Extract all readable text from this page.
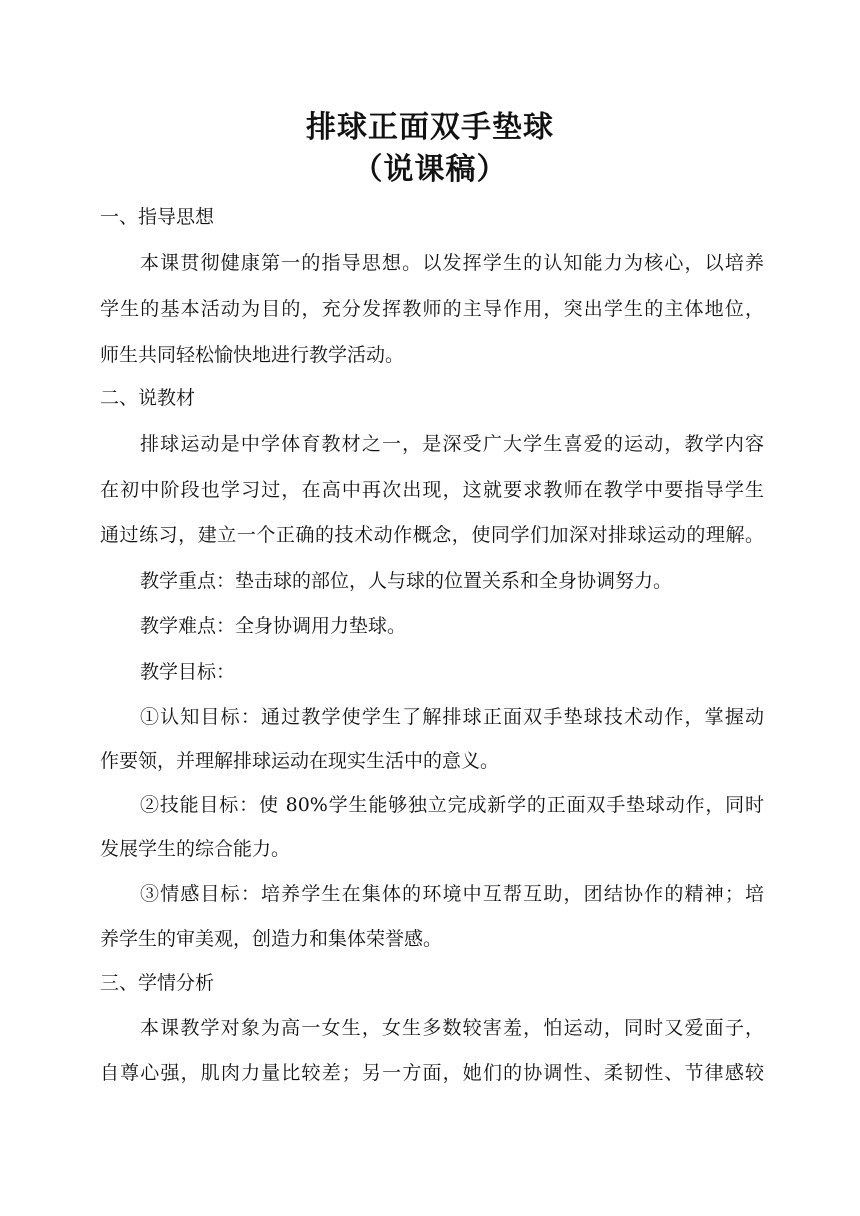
排球正面双手垫球
（说课稿）
一、指导思想
本课贯彻健康第一的指导思想。以发挥学生的认知能力为核心，以培养
学生的基本活动为目的，充分发挥教师的主导作用，突出学生的主体地位，
师生共同轻松愉快地进行教学活动。
二、说教材
排球运动是中学体育教材之一，是深受广大学生喜爱的运动，教学内容
在初中阶段也学习过，在高中再次出现，这就要求教师在教学中要指导学生
通过练习，建立一个正确的技术动作概念，使同学们加深对排球运动的理解。
教学重点：垫击球的部位，人与球的位置关系和全身协调努力。
教学难点：全身协调用力垫球。
教学目标：
①认知目标：通过教学使学生了解排球正面双手垫球技术动作，掌握动
作要领，并理解排球运动在现实生活中的意义。
②技能目标：使 80%学生能够独立完成新学的正面双手垫球动作，同时
发展学生的综合能力。
③情感目标：培养学生在集体的环境中互帮互助，团结协作的精神；培
养学生的审美观，创造力和集体荣誉感。
三、学情分析
本课教学对象为高一女生，女生多数较害羞，怕运动，同时又爱面子，
自尊心强，肌肉力量比较差；另一方面，她们的协调性、柔韧性、节律感较
